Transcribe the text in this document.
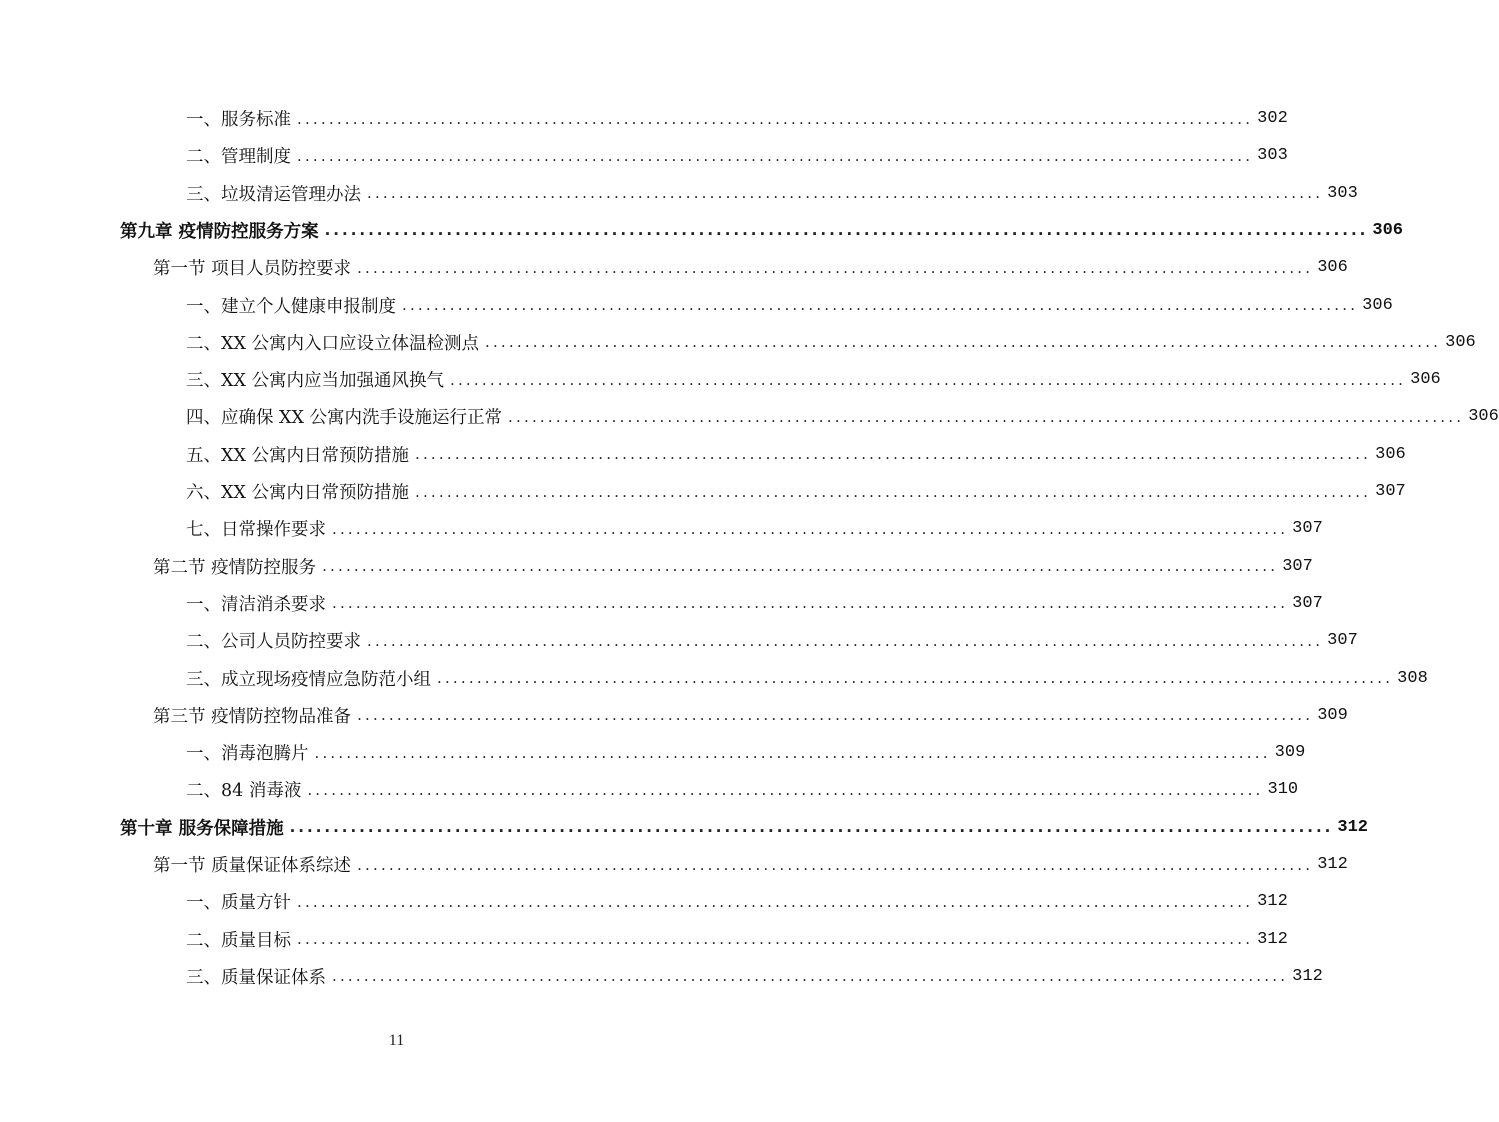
一、服务标准 ........................................................................................................................ 302
二、管理制度 ........................................................................................................................ 303
三、垃圾清运管理办法 ........................................................................................................................ 303
第九章 疫情防控服务方案 ........................................................................................................................ 306
第一节 项目人员防控要求 ........................................................................................................................ 306
一、建立个人健康申报制度 ........................................................................................................................ 306
二、XX 公寓内入口应设立体温检测点 ........................................................................................................................ 306
三、XX 公寓内应当加强通风换气 ........................................................................................................................ 306
四、应确保 XX 公寓内洗手设施运行正常 ........................................................................................................................ 306
五、XX 公寓内日常预防措施 ........................................................................................................................ 306
六、XX 公寓内日常预防措施 ........................................................................................................................ 307
七、日常操作要求 ........................................................................................................................ 307
第二节 疫情防控服务 ........................................................................................................................ 307
一、清洁消杀要求 ........................................................................................................................ 307
二、公司人员防控要求 ........................................................................................................................ 307
三、成立现场疫情应急防范小组 ........................................................................................................................ 308
第三节 疫情防控物品准备 ........................................................................................................................ 309
一、消毒泡腾片 ........................................................................................................................ 309
二、84 消毒液 ........................................................................................................................ 310
第十章 服务保障措施 ........................................................................................................................ 312
第一节 质量保证体系综述 ........................................................................................................................ 312
一、质量方针 ........................................................................................................................ 312
二、质量目标 ........................................................................................................................ 312
三、质量保证体系 ........................................................................................................................ 312
11
